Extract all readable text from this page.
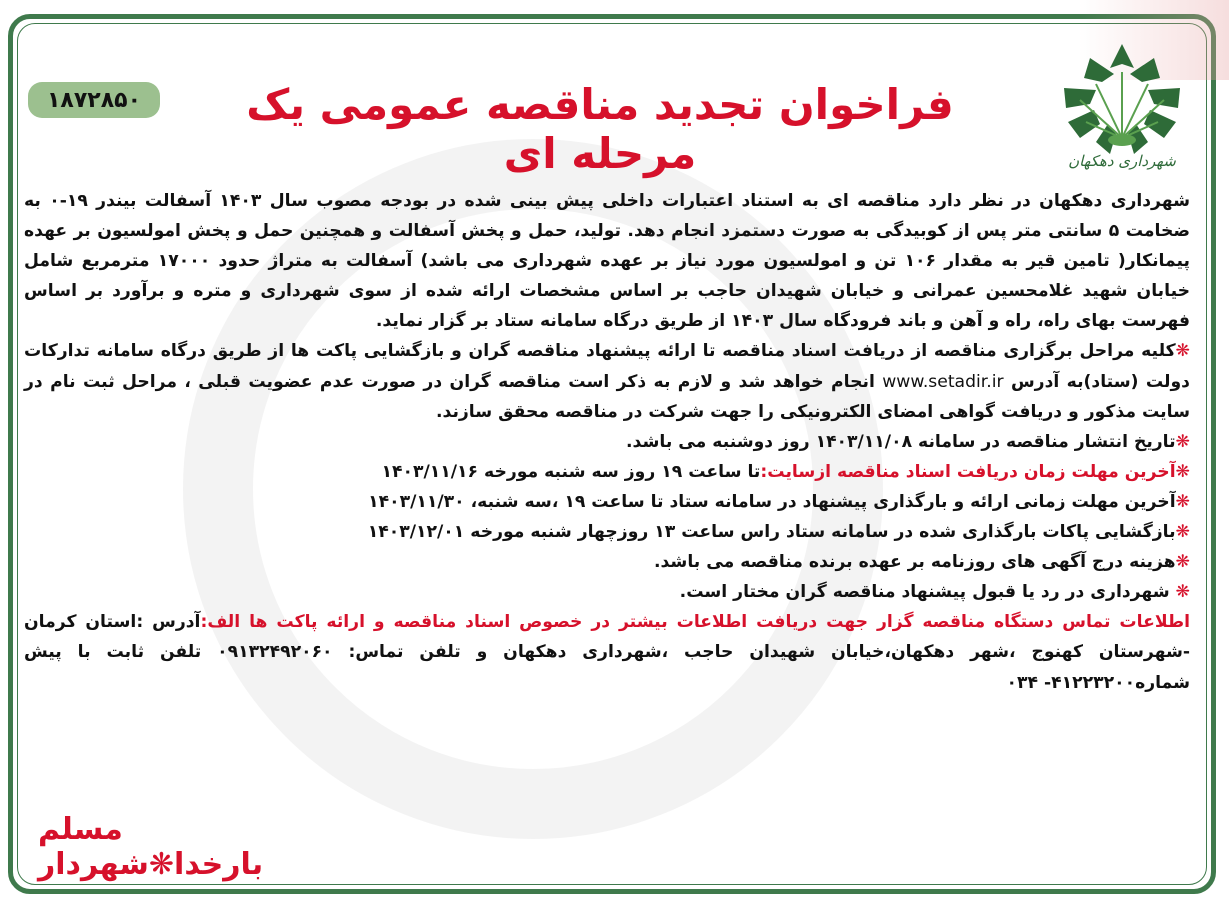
شهرداری دهکهان
۱۸۷۲۸۵۰	فراخوان تجدید مناقصه عمومی یک مرحله ای

شهرداری دهکهان در نظر دارد مناقصه ای به استناد اعتبارات داخلی پیش بینی شده در بودجه مصوب سال ۱۴۰۳ آسفالت بیندر ۱۹-۰ به ضخامت ۵ سانتی متر پس از کوبیدگی به صورت دستمزد انجام دهد. تولید، حمل و پخش آسفالت و همچنین حمل و پخش امولسیون بر عهده پیمانکار( تامین قیر به مقدار ۱۰۶ تن و امولسیون مورد نیاز بر عهده شهرداری می باشد) آسفالت به متراژ حدود ۱۷۰۰۰ مترمربع شامل خیابان شهید غلامحسین عمرانی و خیابان شهیدان حاجب بر اساس مشخصات ارائه شده از سوی شهرداری و متره و برآورد بر اساس فهرست بهای راه، راه و آهن و باند فرودگاه سال ۱۴۰۳ از طریق درگاه سامانه ستاد بر گزار نماید.

❋کلیه مراحل برگزاری مناقصه از دریافت اسناد مناقصه تا ارائه پیشنهاد مناقصه گران و بازگشایی پاکت ها از طریق درگاه سامانه تدارکات دولت (ستاد)به آدرس www.setadir.ir انجام خواهد شد و لازم به ذکر است مناقصه گران در صورت عدم عضویت قبلی ، مراحل ثبت نام در سایت مذکور و دریافت گواهی امضای الکترونیکی را جهت شرکت در مناقصه محقق سازند.

❋تاریخ انتشار مناقصه در سامانه ۱۴۰۳/۱۱/۰۸ روز دوشنبه می باشد.

❋آخرین مهلت زمان دریافت اسناد مناقصه ازسایت:تا ساعت ۱۹ روز سه شنبه مورخه ۱۴۰۳/۱۱/۱۶

❋آخرین مهلت زمانی ارائه و بارگذاری پیشنهاد در سامانه ستاد تا ساعت ۱۹ ،سه شنبه، ۱۴۰۳/۱۱/۳۰

❋بازگشایی پاکات بارگذاری شده در سامانه ستاد راس ساعت ۱۳ روزچهار شنبه مورخه ۱۴۰۳/۱۲/۰۱

❋هزینه درج آگهی های روزنامه بر عهده برنده مناقصه می باشد.

❋ شهرداری در رد یا قبول پیشنهاد مناقصه گران مختار است.

اطلاعات تماس دستگاه مناقصه گزار جهت دریافت اطلاعات بیشتر در خصوص اسناد مناقصه و ارائه پاکت ها الف:آدرس :استان کرمان -شهرستان کهنوج ،شهر دهکهان،خیابان شهیدان حاجب ،شهرداری دهکهان و تلفن تماس: ۰۹۱۳۲۴۹۲۰۶۰ تلفن ثابت با پیش شماره۴۱۲۲۳۲۰۰- ۰۳۴

مسلم بارخدا❋شهردار
